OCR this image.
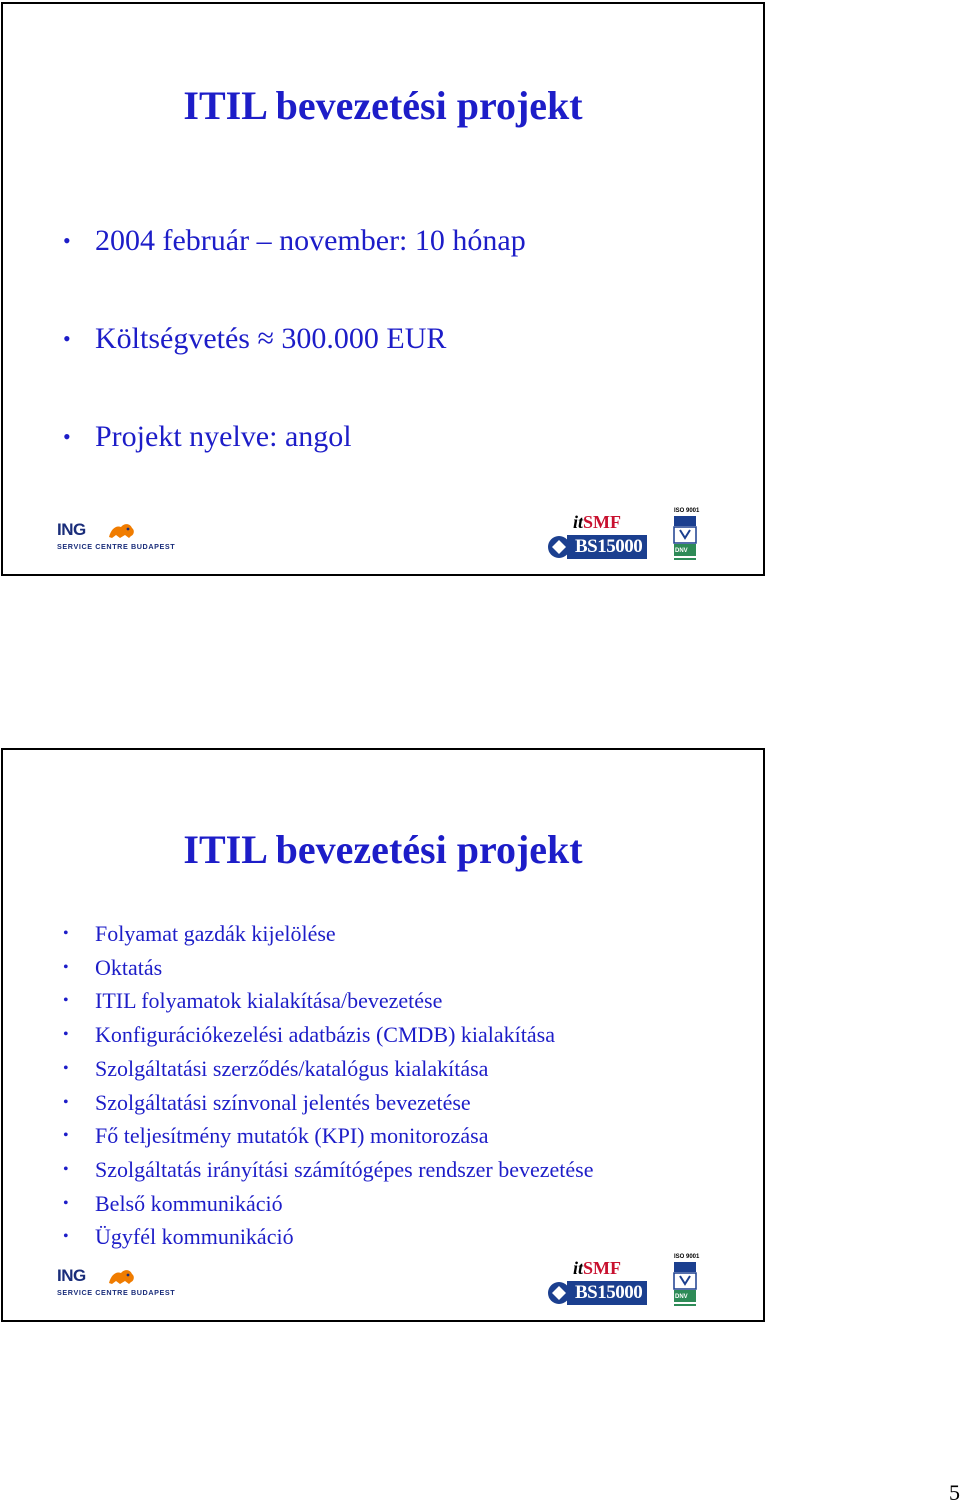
ITIL bevezetési projekt
• 2004 február – november: 10 hónap
• Költségvetés ≈ 300.000 EUR
• Projekt nyelve: angol
ING
SERVICE CENTRE BUDAPEST
itSMF
BS15000
ISO 9001
DNV
ITIL bevezetési projekt
• Folyamat gazdák kijelölése
• Oktatás
• ITIL folyamatok kialakítása/bevezetése
• Konfigurációkezelési adatbázis (CMDB) kialakítása
• Szolgáltatási szerződés/katalógus kialakítása
• Szolgáltatási színvonal jelentés bevezetése
• Fő teljesítmény mutatók (KPI) monitorozása
• Szolgáltatás irányítási számítógépes rendszer bevezetése
• Belső kommunikáció
• Ügyfél kommunikáció
ING
SERVICE CENTRE BUDAPEST
itSMF
BS15000
ISO 9001
DNV
5
